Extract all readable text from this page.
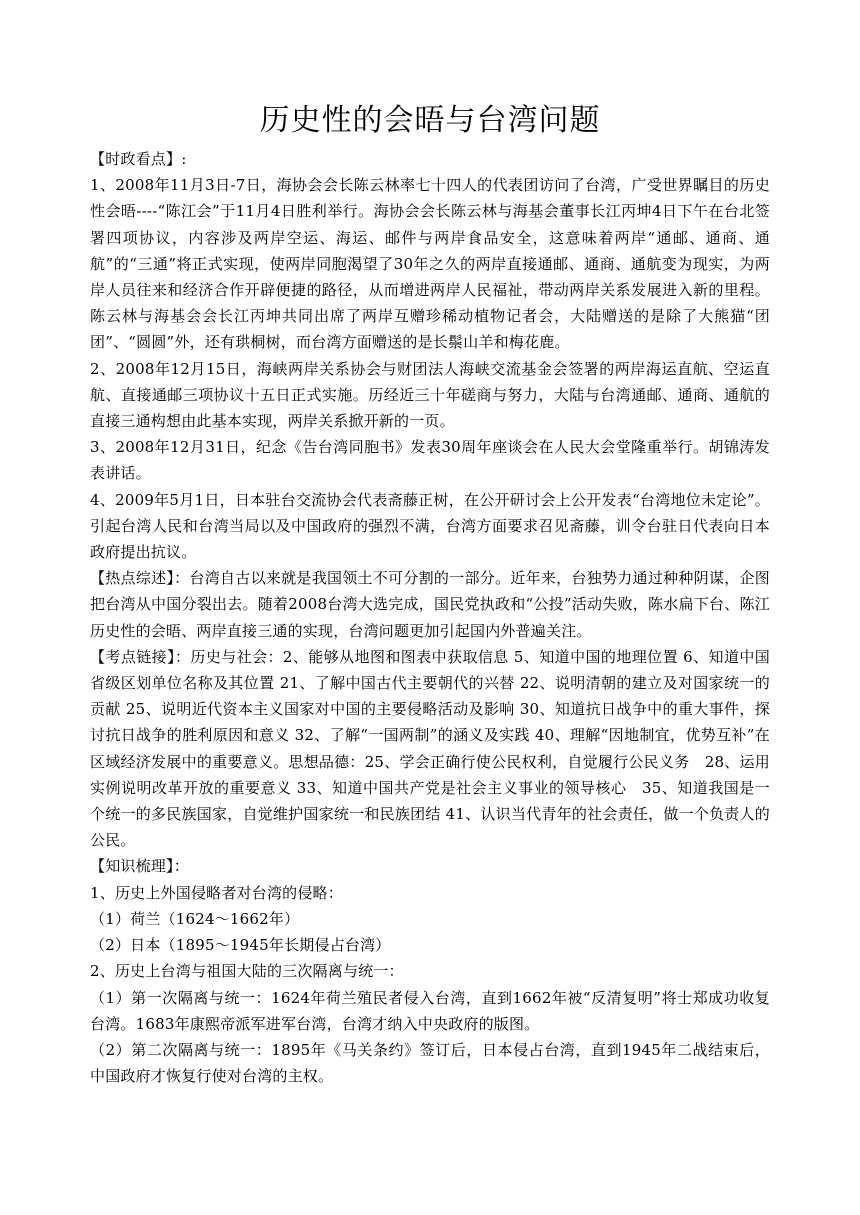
历史性的会晤与台湾问题

【时政看点】:

1、2008年11月3日-7日，海协会会长陈云林率七十四人的代表团访问了台湾，广受世界瞩目的历史性会晤----“陈江会”于11月4日胜利举行。海协会会长陈云林与海基会董事长江丙坤4日下午在台北签署四项协议，内容涉及两岸空运、海运、邮件与两岸食品安全，这意味着两岸“通邮、通商、通航”的“三通”将正式实现，使两岸同胞渴望了30年之久的两岸直接通邮、通商、通航变为现实，为两岸人员往来和经济合作开辟便捷的路径，从而增进两岸人民福祉，带动两岸关系发展进入新的里程。陈云林与海基会会长江丙坤共同出席了两岸互赠珍稀动植物记者会，大陆赠送的是除了大熊猫“团团”、“圆圆”外，还有珙桐树，而台湾方面赠送的是长鬃山羊和梅花鹿。

2、2008年12月15日，海峡两岸关系协会与财团法人海峡交流基金会签署的两岸海运直航、空运直航、直接通邮三项协议十五日正式实施。历经近三十年磋商与努力，大陆与台湾通邮、通商、通航的直接三通构想由此基本实现，两岸关系掀开新的一页。

3、2008年12月31日，纪念《告台湾同胞书》发表30周年座谈会在人民大会堂隆重举行。胡锦涛发表讲话。

4、2009年5月1日，日本驻台交流协会代表斋藤正树，在公开研讨会上公开发表“台湾地位未定论”。引起台湾人民和台湾当局以及中国政府的强烈不满，台湾方面要求召见斋藤，训令台驻日代表向日本政府提出抗议。

【热点综述】：台湾自古以来就是我国领土不可分割的一部分。近年来，台独势力通过种种阴谋，企图把台湾从中国分裂出去。随着2008台湾大选完成，国民党执政和“公投”活动失败，陈水扁下台、陈江历史性的会晤、两岸直接三通的实现，台湾问题更加引起国内外普遍关注。

【考点链接】：历史与社会：2、能够从地图和图表中获取信息 5、知道中国的地理位置 6、知道中国省级区划单位名称及其位置 21、了解中国古代主要朝代的兴替 22、说明清朝的建立及对国家统一的贡献 25、说明近代资本主义国家对中国的主要侵略活动及影响 30、知道抗日战争中的重大事件，探讨抗日战争的胜利原因和意义 32、了解“一国两制”的涵义及实践 40、理解“因地制宜，优势互补”在区域经济发展中的重要意义。思想品德：25、学会正确行使公民权利，自觉履行公民义务　28、运用实例说明改革开放的重要意义 33、知道中国共产党是社会主义事业的领导核心　35、知道我国是一个统一的多民族国家，自觉维护国家统一和民族团结 41、认识当代青年的社会责任，做一个负责人的公民。

【知识梳理】：

1、历史上外国侵略者对台湾的侵略：

（1）荷兰（1624～1662年）

（2）日本（1895～1945年长期侵占台湾）

2、历史上台湾与祖国大陆的三次隔离与统一：

（1）第一次隔离与统一：1624年荷兰殖民者侵入台湾，直到1662年被“反清复明”将士郑成功收复台湾。1683年康熙帝派军进军台湾，台湾才纳入中央政府的版图。

（2）第二次隔离与统一：1895年《马关条约》签订后，日本侵占台湾，直到1945年二战结束后，中国政府才恢复行使对台湾的主权。
